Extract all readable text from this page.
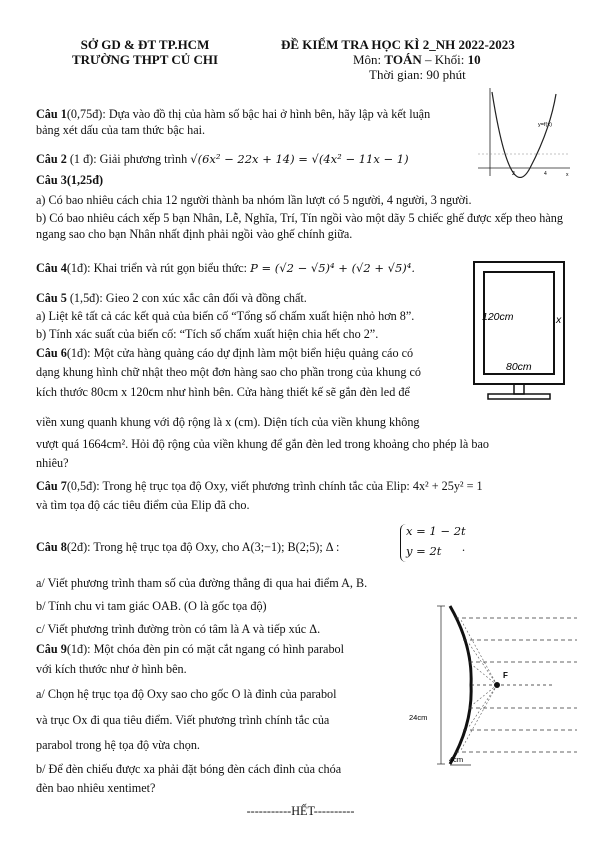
SỞ GD & ĐT TP.HCM
TRƯỜNG THPT CỦ CHI
ĐỀ KIỂM TRA HỌC KÌ 2_NH 2022-2023
Môn: TOÁN – Khối: 10
Thời gian: 90 phút
Câu 1(0,75đ): Dựa vào đồ thị của hàm số bậc hai ở hình bên, hãy lập và kết luận bảng xét dấu của tam thức bậc hai.	y=f(x)
2	4	x
Câu 2 (1 đ): Giải phương trình √(6x² − 22x + 14) = √(4x² − 11x − 1)
Câu 3(1,25đ)
a) Có bao nhiêu cách chia 12 người thành ba nhóm lần lượt có 5 người, 4 người, 3 người.
b) Có bao nhiêu cách xếp 5 bạn Nhân, Lễ, Nghĩa, Trí, Tín ngồi vào một dãy 5 chiếc ghế được xếp theo hàng ngang sao cho bạn Nhân nhất định phải ngồi vào ghế chính giữa.
Câu 4(1đ): Khai triển và rút gọn biểu thức: P = (√2 − √5)⁴ + (√2 + √5)⁴.
120cm
80cm
x
Câu 5 (1,5đ): Gieo 2 con xúc xắc cân đối và đồng chất.
a) Liệt kê tất cả các kết quả của biến cố “Tổng số chấm xuất hiện nhỏ hơn 8”.
b) Tính xác suất của biến cố: “Tích số chấm xuất hiện chia hết cho 2”.
Câu 6(1đ): Một cửa hàng quảng cáo dự định làm một biển hiệu quảng cáo có
dạng khung hình chữ nhật theo một đơn hàng sao cho phần trong của khung có
kích thước 80cm x 120cm như hình bên. Cửa hàng thiết kế sẽ gắn đèn led để
viền xung quanh khung với độ rộng là x (cm). Diện tích của viền khung không
vượt quá 1664cm². Hỏi độ rộng của viền khung để gắn đèn led trong khoảng cho phép là bao
nhiêu?
Câu 7(0,5đ): Trong hệ trục tọa độ Oxy, viết phương trình chính tắc của Elip: 4x² + 25y² = 1
và tìm tọa độ các tiêu điểm của Elip đã cho.
Câu 8(2đ): Trong hệ trục tọa độ Oxy, cho A(3;−1); B(2;5); Δ :
x = 1 − 2t
y = 2t .
a/ Viết phương trình tham số của đường thẳng đi qua hai điểm A, B.
b/ Tính chu vi tam giác OAB. (O là gốc tọa độ)
c/ Viết phương trình đường tròn có tâm là A và tiếp xúc Δ.
Câu 9(1đ): Một chóa đèn pin có mặt cắt ngang có hình parabol
với kích thước như ở hình bên.
a/ Chọn hệ trục tọa độ Oxy sao cho gốc O là đỉnh của parabol
và trục Ox đi qua tiêu điểm. Viết phương trình chính tắc của
parabol trong hệ tọa độ vừa chọn.
b/ Để đèn chiếu được xa phải đặt bóng đèn cách đỉnh của chóa
đèn bao nhiêu xentimet?
F
24cm
4cm
-----------HẾT----------
